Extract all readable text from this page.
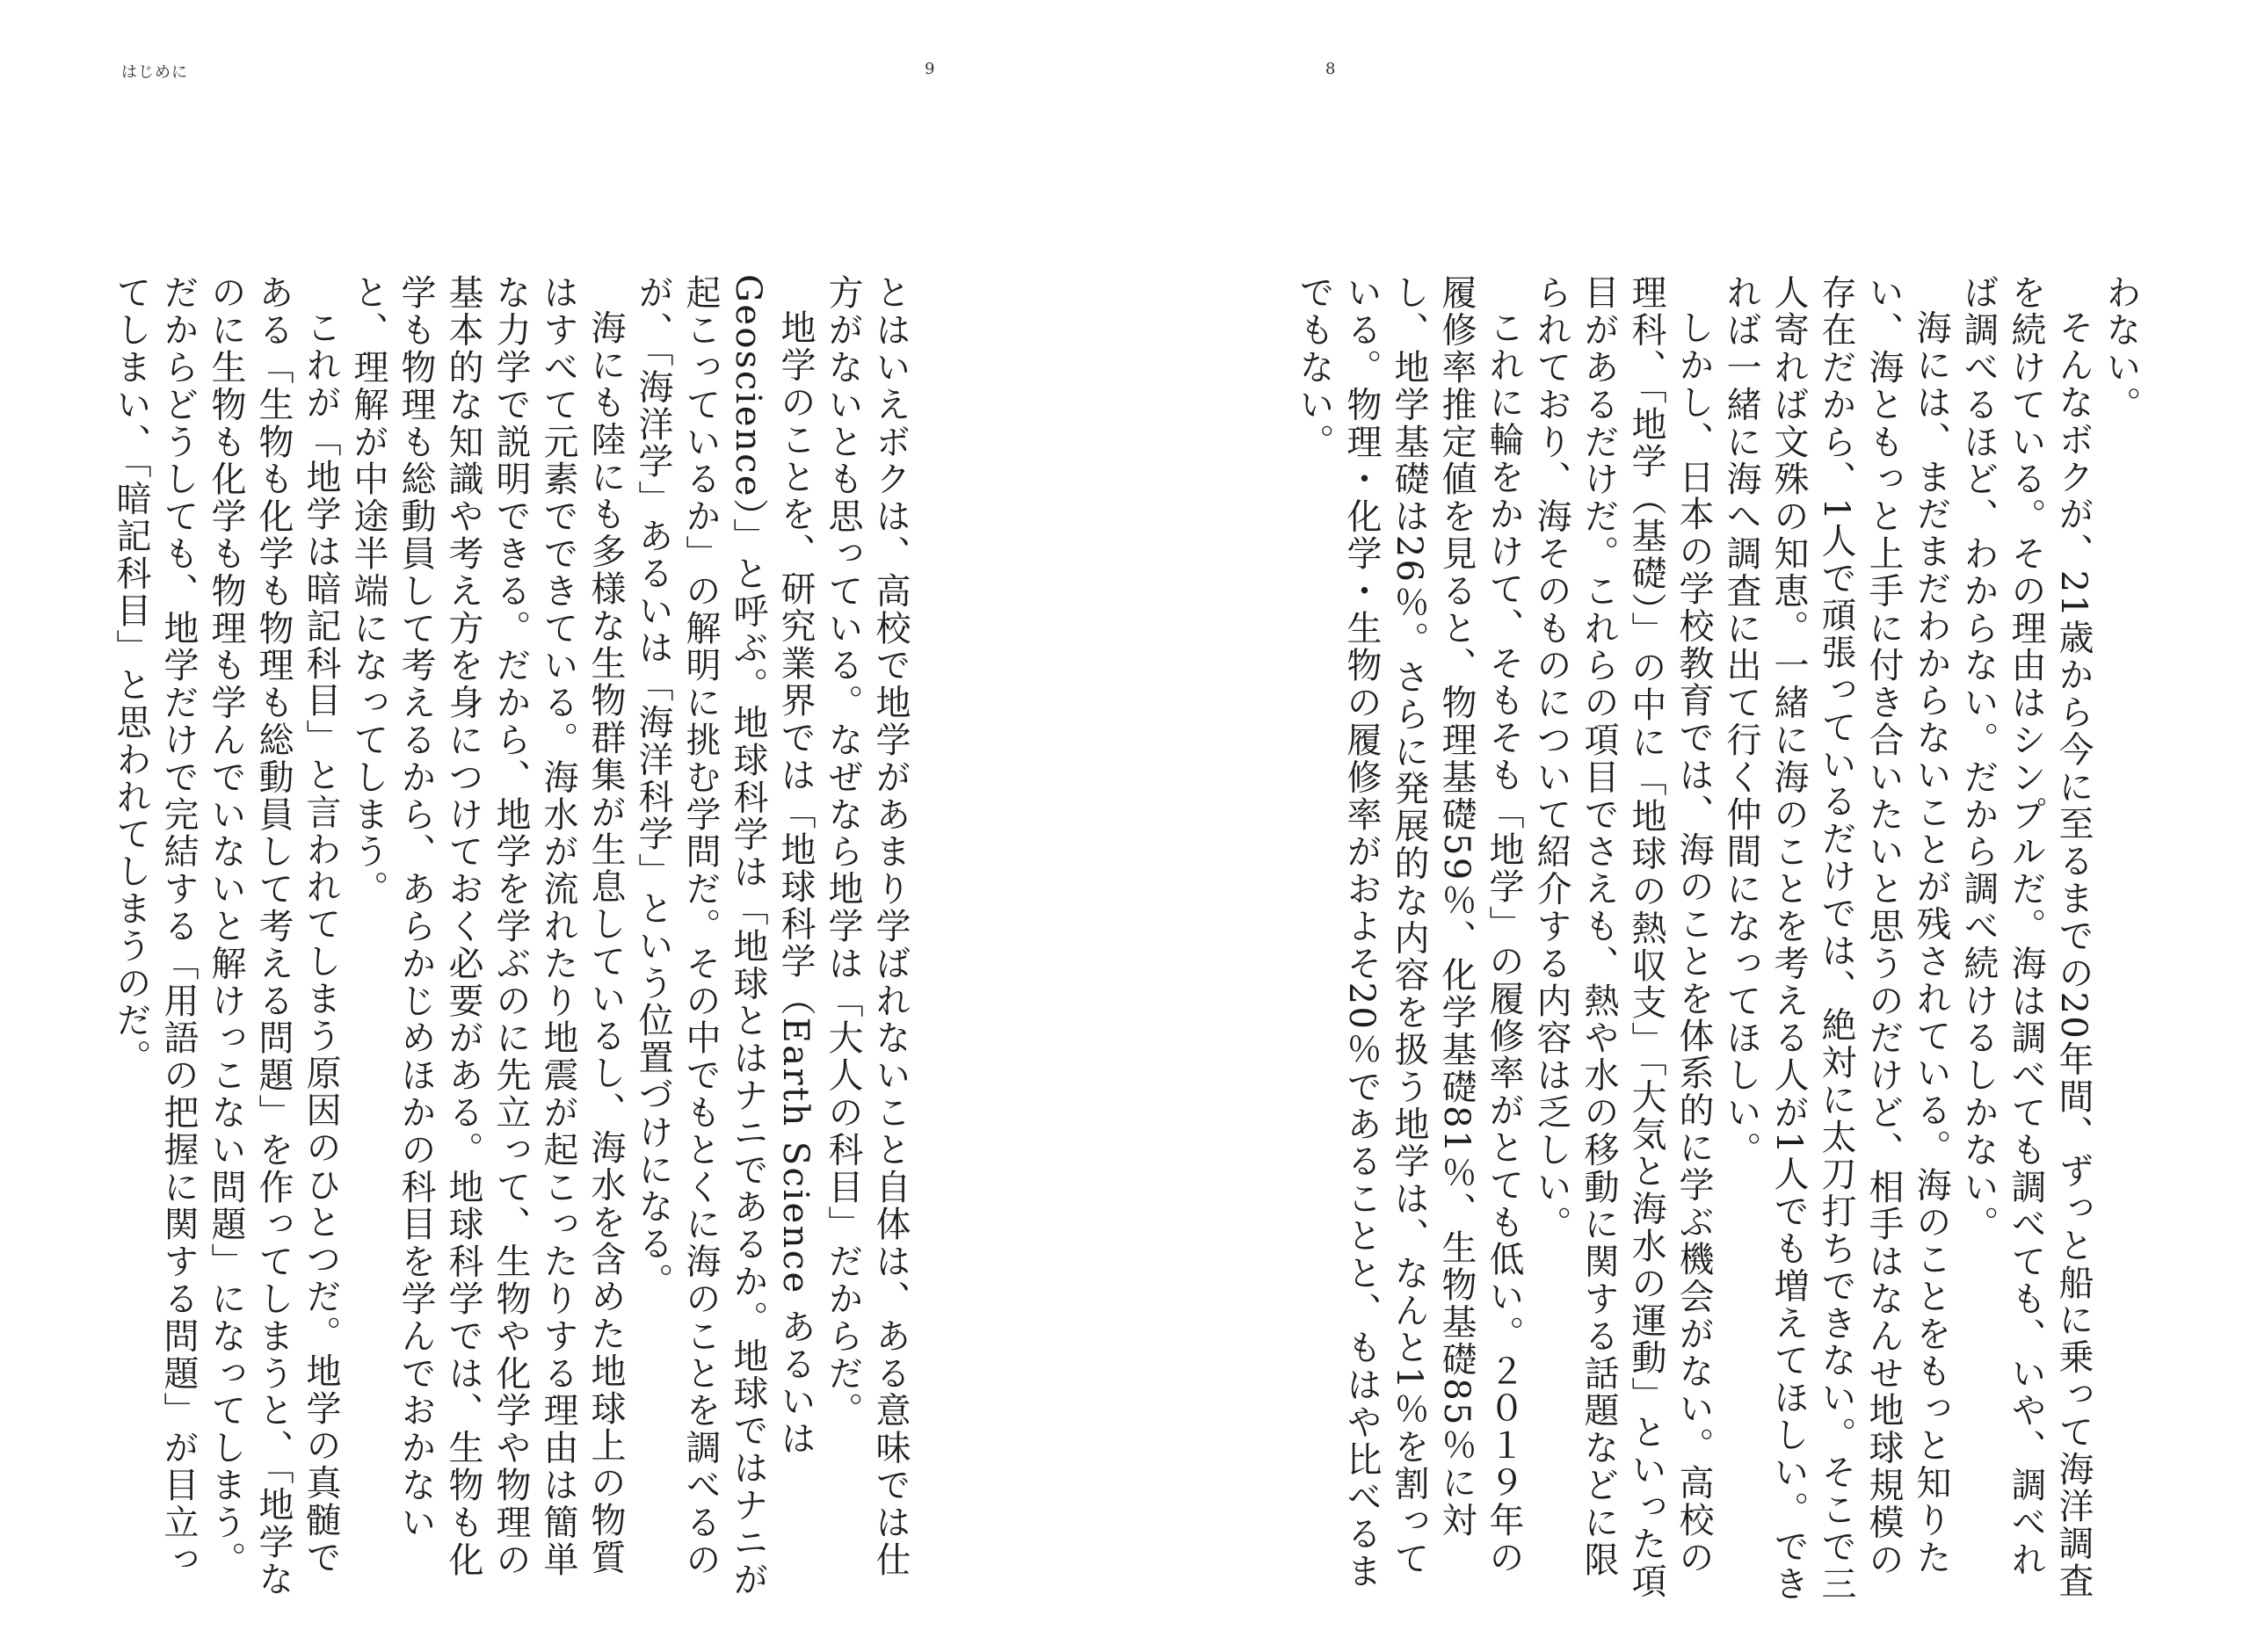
はじめに	9	8

わない。

そんなボクが、21歳から今に至るまでの20年間、ずっと船に乗って海洋調査を続けている。その理由はシンプルだ。海は調べても調べても、いや、調べれば調べるほど、わからない。だから調べ続けるしかない。

海には、まだまだわからないことが残されている。海のことをもっと知りたい、海ともっと上手に付き合いたいと思うのだけど、相手はなんせ地球規模の存在だから、1人で頑張っているだけでは、絶対に太刀打ちできない。そこで三人寄れば文殊の知恵。一緒に海のことを考える人が1人でも増えてほしい。できれば一緒に海へ調査に出て行く仲間になってほしい。

しかし、日本の学校教育では、海のことを体系的に学ぶ機会がない。高校の理科、「地学（基礎）」の中に「地球の熱収支」「大気と海水の運動」といった項目があるだけだ。これらの項目でさえも、熱や水の移動に関する話題などに限られており、海そのものについて紹介する内容は乏しい。

これに輪をかけて、そもそも「地学」の履修率がとても低い。２０１９年の履修率推定値を見ると、物理基礎59％、化学基礎81％、生物基礎85％に対し、地学基礎は26％。さらに発展的な内容を扱う地学は、なんと1％を割っている。物理・化学・生物の履修率がおよそ20％であることと、もはや比べるまでもない。

とはいえボクは、高校で地学があまり学ばれないこと自体は、ある意味では仕方がないとも思っている。なぜなら地学は「大人の科目」だからだ。

地学のことを、研究業界では「地球科学（Earth Science あるいは Geoscience）」と呼ぶ。地球科学は「地球とはナニであるか。地球ではナニが起こっているか」の解明に挑む学問だ。その中でもとくに海のことを調べるのが、「海洋学」あるいは「海洋科学」という位置づけになる。

海にも陸にも多様な生物群集が生息しているし、海水を含めた地球上の物質はすべて元素でできている。海水が流れたり地震が起こったりする理由は簡単な力学で説明できる。だから、地学を学ぶのに先立って、生物や化学や物理の基本的な知識や考え方を身につけておく必要がある。地球科学では、生物も化学も物理も総動員して考えるから、あらかじめほかの科目を学んでおかないと、理解が中途半端になってしまう。

これが「地学は暗記科目」と言われてしまう原因のひとつだ。地学の真髄である「生物も化学も物理も総動員して考える問題」を作ってしまうと、「地学なのに生物も化学も物理も学んでいないと解けっこない問題」になってしまう。だからどうしても、地学だけで完結する「用語の把握に関する問題」が目立ってしまい、「暗記科目」と思われてしまうのだ。
